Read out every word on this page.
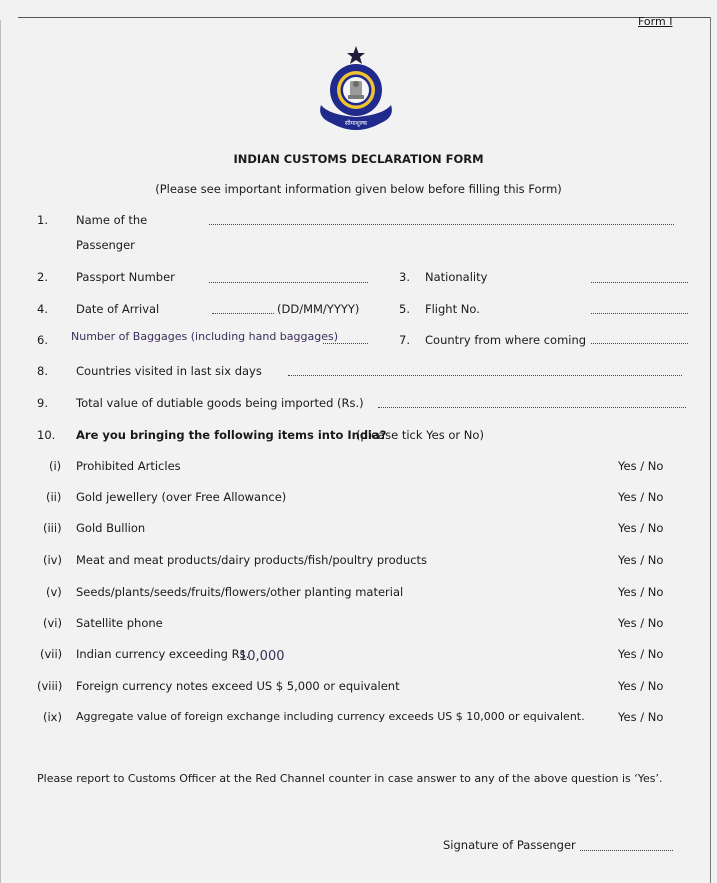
Form I
सीमाशुल्क
INDIAN CUSTOMS DECLARATION FORM
(Please see important information given below before filling this Form)
1. Name of the
Passenger
2. Passport Number	3. Nationality
4. Date of Arrival	(DD/MM/YYYY)	5. Flight No.
6. Number of Baggages (including hand baggages)	7. Country from where coming
8. Countries visited in last six days
9. Total value of dutiable goods being imported (Rs.)
10. Are you bringing the following items into India?
(please tick Yes or No)
(i) Prohibited Articles	Yes / No
(ii) Gold jewellery (over Free Allowance)	Yes / No
(iii) Gold Bullion	Yes / No
(iv) Meat and meat products/dairy products/fish/poultry products	Yes / No
(v) Seeds/plants/seeds/fruits/flowers/other planting material	Yes / No
(vi) Satellite phone	Yes / No
(vii) Indian currency exceeding Rs.
10,000	Yes / No
(viii) Foreign currency notes exceed US $ 5,000 or equivalent	Yes / No
(ix) Aggregate value of foreign exchange including currency exceeds US $ 10,000 or equivalent.	Yes / No
Please report to Customs Officer at the Red Channel counter in case answer to any of the above question is ‘Yes’.
Signature of Passenger
